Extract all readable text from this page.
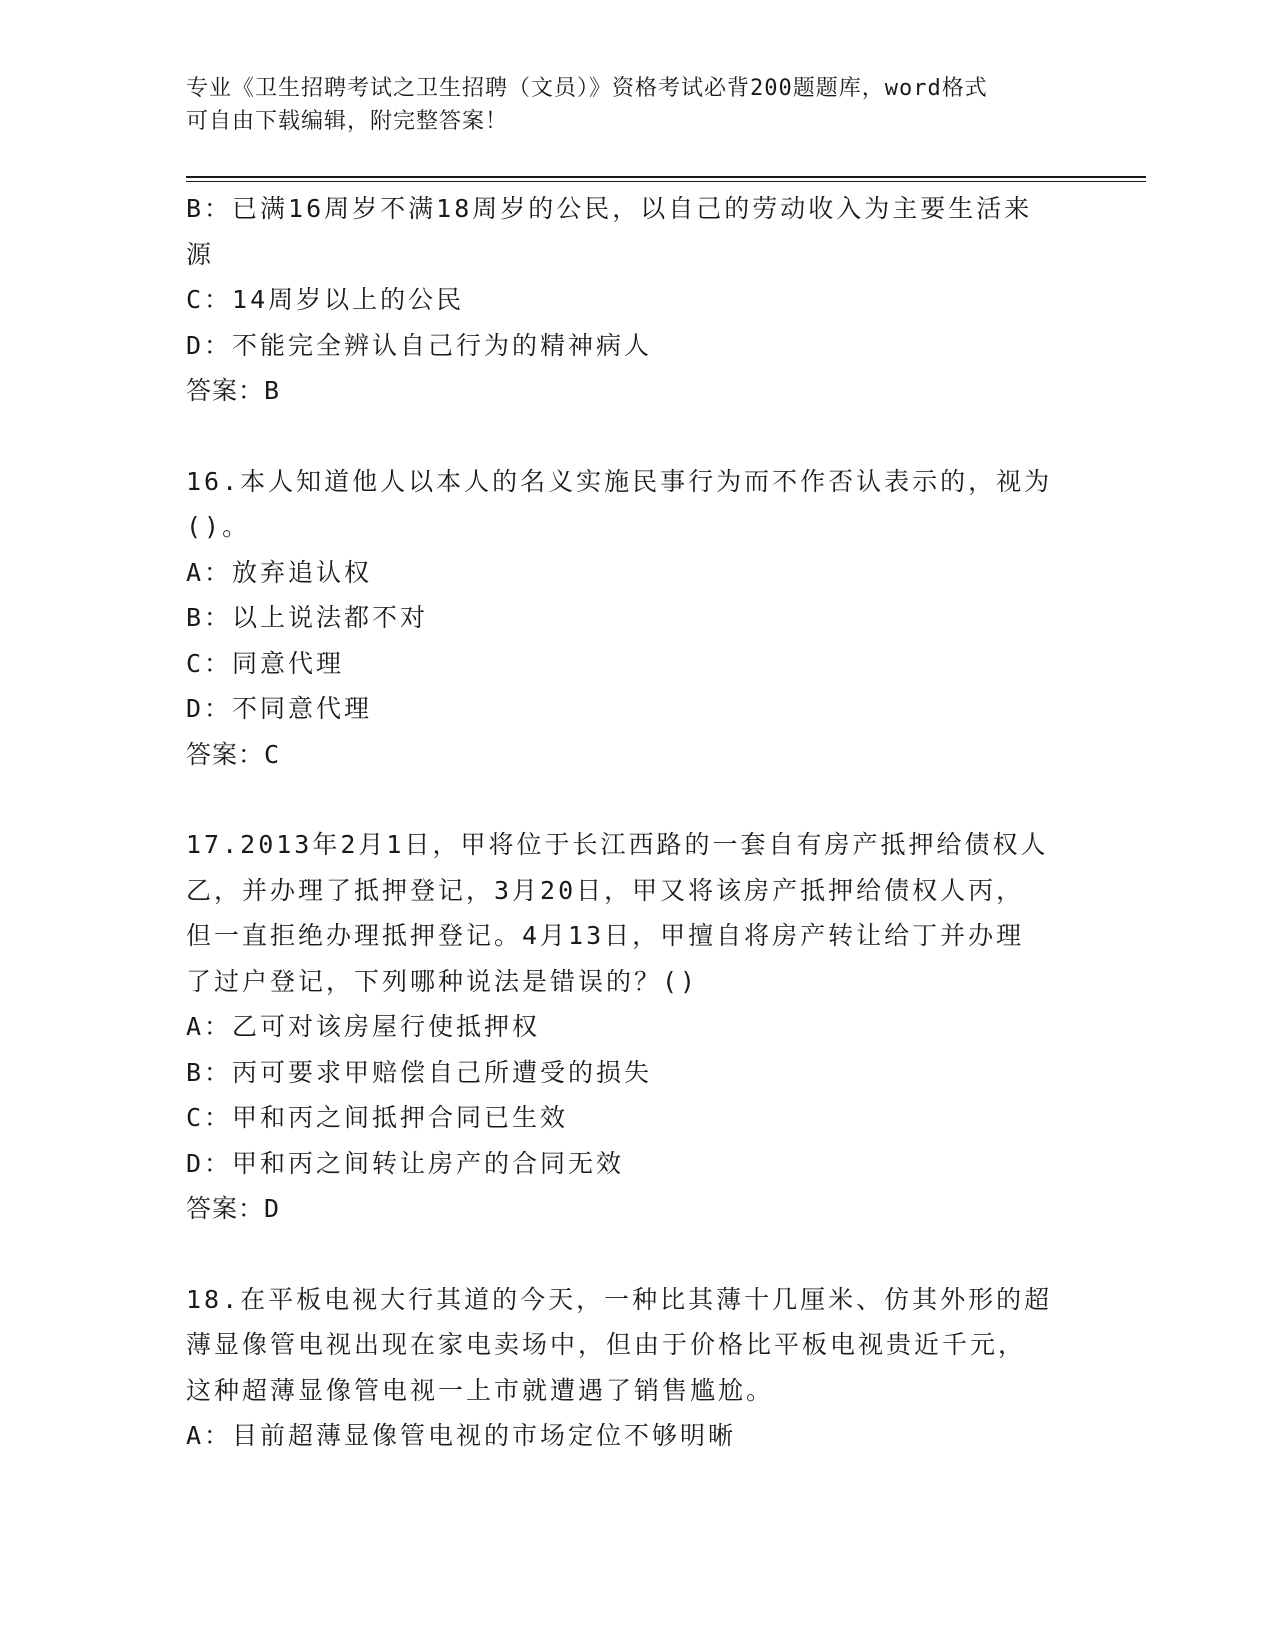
专业《卫生招聘考试之卫生招聘（文员）》资格考试必背200题题库，word格式
可自由下载编辑，附完整答案！
B：已满16周岁不满18周岁的公民，以自己的劳动收入为主要生活来
源
C：14周岁以上的公民
D：不能完全辨认自己行为的精神病人
答案：B
16.本人知道他人以本人的名义实施民事行为而不作否认表示的，视为
()。
A：放弃追认权
B：以上说法都不对
C：同意代理
D：不同意代理
答案：C
17.2013年2月1日，甲将位于长江西路的一套自有房产抵押给债权人
乙，并办理了抵押登记，3月20日，甲又将该房产抵押给债权人丙，
但一直拒绝办理抵押登记。4月13日，甲擅自将房产转让给丁并办理
了过户登记，下列哪种说法是错误的？()
A：乙可对该房屋行使抵押权
B：丙可要求甲赔偿自己所遭受的损失
C：甲和丙之间抵押合同已生效
D：甲和丙之间转让房产的合同无效
答案：D
18.在平板电视大行其道的今天，一种比其薄十几厘米、仿其外形的超
薄显像管电视出现在家电卖场中，但由于价格比平板电视贵近千元，
这种超薄显像管电视一上市就遭遇了销售尴尬。
A：目前超薄显像管电视的市场定位不够明晰
